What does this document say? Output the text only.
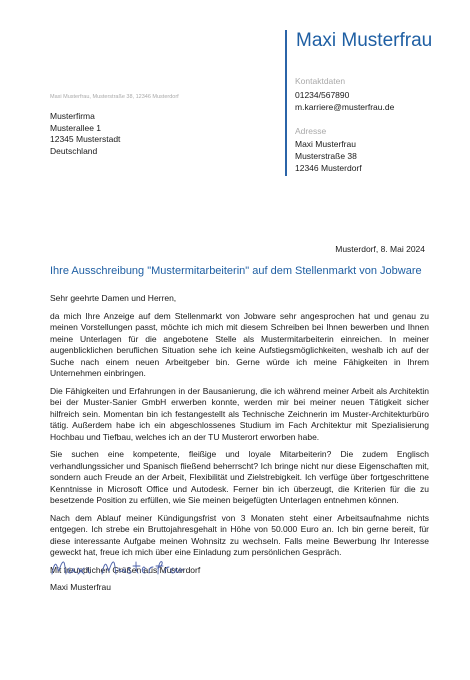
Maxi Musterfrau
Kontaktdaten
01234/567890
m.karriere@musterfrau.de
Adresse
Maxi Musterfrau
Musterstraße 38
12346 Musterdorf
Maxi Musterfrau, Musterstraße 38, 12346 Musterdorf
Musterfirma
Musterallee 1
12345 Musterstadt
Deutschland
Musterdorf, 8. Mai 2024
Ihre Ausschreibung "Mustermitarbeiterin" auf dem Stellenmarkt von Jobware

Sehr geehrte Damen und Herren,

da mich Ihre Anzeige auf dem Stellenmarkt von Jobware sehr angesprochen hat und genau zu meinen Vorstellungen passt, möchte ich mich mit diesem Schreiben bei Ihnen bewerben und Ihnen meine Unterlagen für die angebotene Stelle als Mustermitarbeiterin einreichen. In meiner augenblicklichen beruflichen Situation sehe ich keine Aufstiegsmöglichkeiten, weshalb ich auf der Suche nach einem neuen Arbeitgeber bin. Gerne würde ich meine Fähigkeiten in Ihrem Unternehmen einbringen.

Die Fähigkeiten und Erfahrungen in der Bausanierung, die ich während meiner Arbeit als Architektin bei der Muster-Sanier GmbH erwerben konnte, werden mir bei meiner neuen Tätigkeit sicher hilfreich sein. Momentan bin ich festangestellt als Technische Zeichnerin im Muster-Architekturbüro tätig. Außerdem habe ich ein abgeschlossenes Studium im Fach Architektur mit Spezialisierung Hochbau und Tiefbau, welches ich an der TU Musterort erworben habe.

Sie suchen eine kompetente, fleißige und loyale Mitarbeiterin? Die zudem Englisch verhandlungssicher und Spanisch fließend beherrscht? Ich bringe nicht nur diese Eigenschaften mit, sondern auch Freude an der Arbeit, Flexibilität und Zielstrebigkeit. Ich verfüge über fortgeschrittene Kenntnisse in Microsoft Office und Autodesk. Ferner bin ich überzeugt, die Kriterien für die zu besetzende Position zu erfüllen, wie Sie meinen beigefügten Unterlagen entnehmen können.

Nach dem Ablauf meiner Kündigungsfrist von 3 Monaten steht einer Arbeitsaufnahme nichts entgegen. Ich strebe ein Bruttojahresgehalt in Höhe von 50.000 Euro an. Ich bin gerne bereit, für diese interessante Aufgabe meinen Wohnsitz zu wechseln. Falls meine Bewerbung Ihr Interesse geweckt hat, freue ich mich über eine Einladung zum persönlichen Gespräch.

Mit freundlichen Grüßen aus Musterdorf

Maxi Musterfrau
